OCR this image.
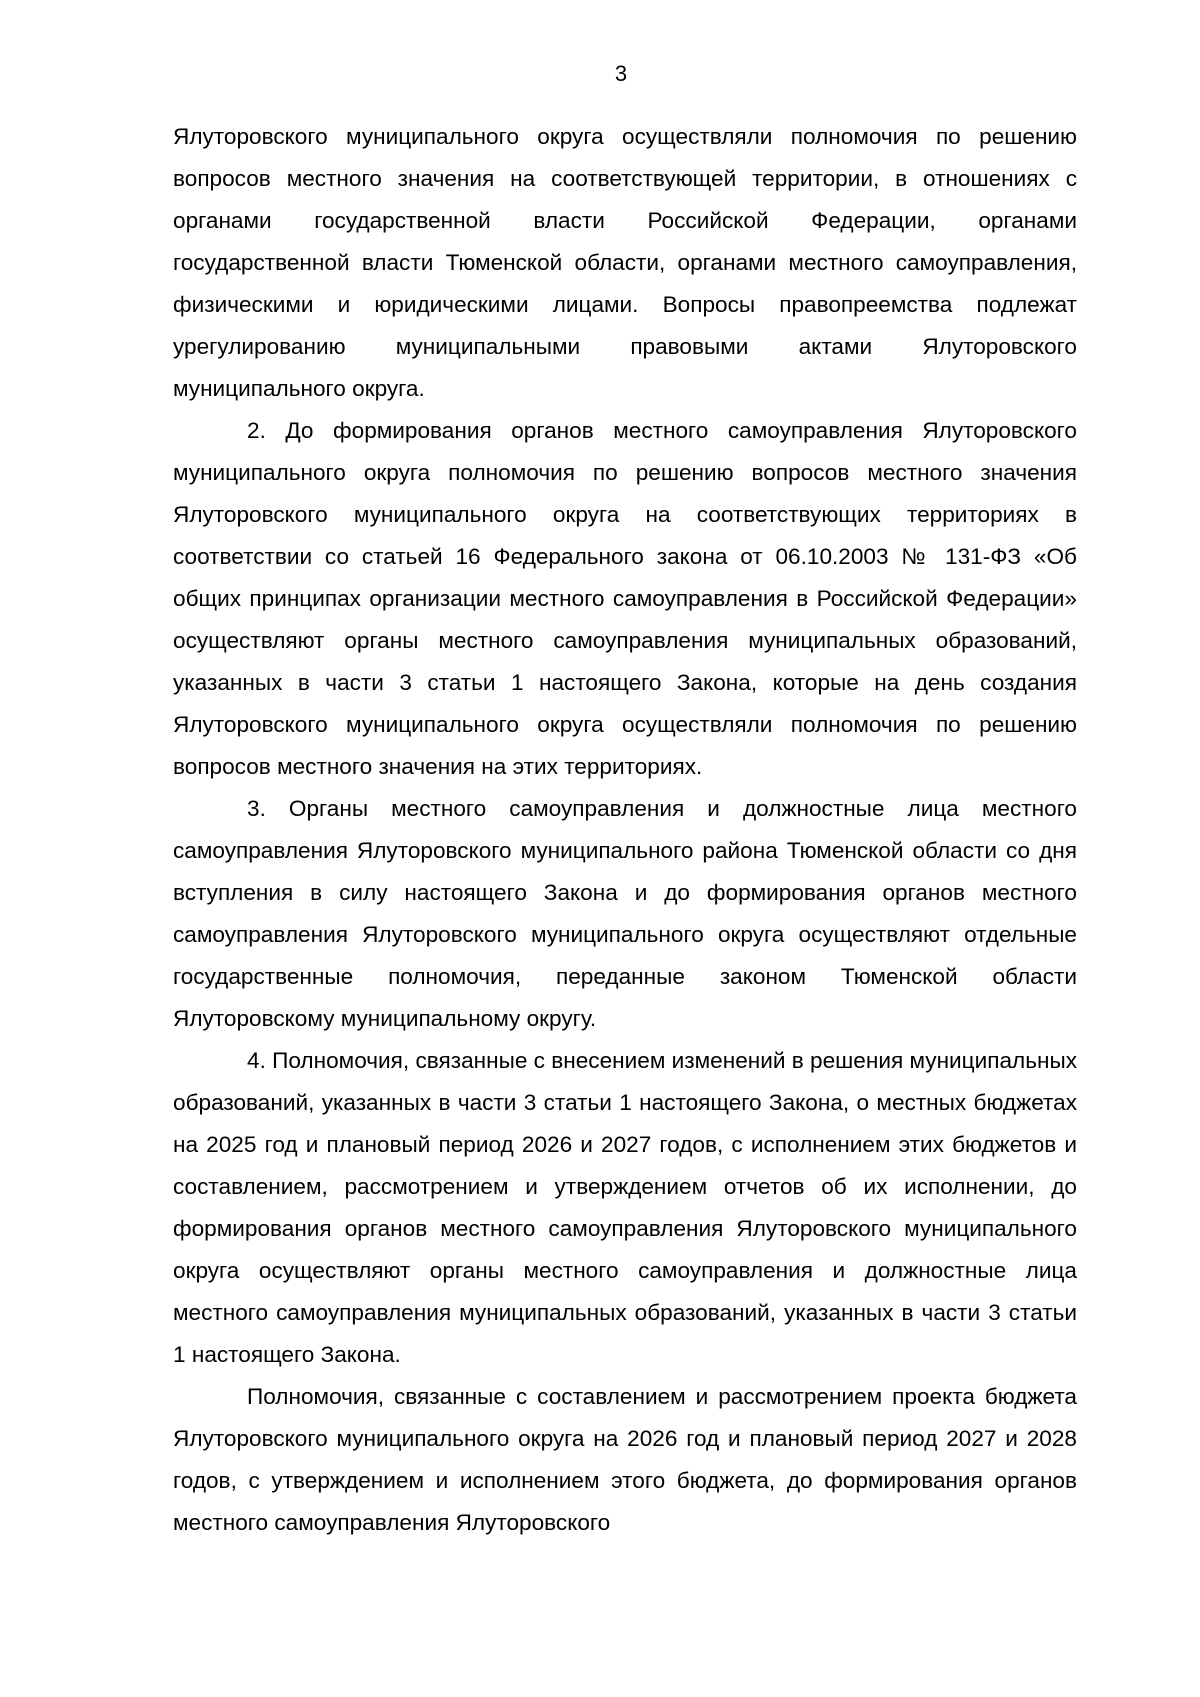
3

Ялуторовского муниципального округа осуществляли полномочия по решению вопросов местного значения на соответствующей территории, в отношениях с органами государственной власти Российской Федерации, органами государственной власти Тюменской области, органами местного самоуправления, физическими и юридическими лицами. Вопросы правопреемства подлежат урегулированию муниципальными правовыми актами Ялуторовского муниципального округа.

2. До формирования органов местного самоуправления Ялуторовского муниципального округа полномочия по решению вопросов местного значения Ялуторовского муниципального округа на соответствующих территориях в соответствии со статьей 16 Федерального закона от 06.10.2003 № 131-ФЗ «Об общих принципах организации местного самоуправления в Российской Федерации» осуществляют органы местного самоуправления муниципальных образований, указанных в части 3 статьи 1 настоящего Закона, которые на день создания Ялуторовского муниципального округа осуществляли полномочия по решению вопросов местного значения на этих территориях.

3. Органы местного самоуправления и должностные лица местного самоуправления Ялуторовского муниципального района Тюменской области со дня вступления в силу настоящего Закона и до формирования органов местного самоуправления Ялуторовского муниципального округа осуществляют отдельные государственные полномочия, переданные законом Тюменской области Ялуторовскому муниципальному округу.

4. Полномочия, связанные с внесением изменений в решения муниципальных образований, указанных в части 3 статьи 1 настоящего Закона, о местных бюджетах на 2025 год и плановый период 2026 и 2027 годов, с исполнением этих бюджетов и составлением, рассмотрением и утверждением отчетов об их исполнении, до формирования органов местного самоуправления Ялуторовского муниципального округа осуществляют органы местного самоуправления и должностные лица местного самоуправления муниципальных образований, указанных в части 3 статьи 1 настоящего Закона.

Полномочия, связанные с составлением и рассмотрением проекта бюджета Ялуторовского муниципального округа на 2026 год и плановый период 2027 и 2028 годов, с утверждением и исполнением этого бюджета, до формирования органов местного самоуправления Ялуторовского
